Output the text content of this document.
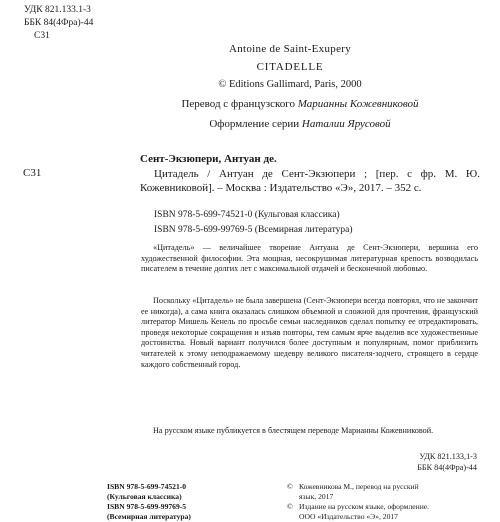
УДК 821.133.1-3
ББК 84(4Фра)-44
С31
Antoine de Saint-Exupery
CITADELLE
© Editions Gallimard, Paris, 2000
Перевод с французского Марианны Кожевниковой
Оформление серии Наталии Ярусовой
С31
Сент-Экзюпери, Антуан де.
Цитадель / Антуан де Сент-Экзюпери ; [пер. с фр. М. Ю. Кожевниковой]. – Москва : Издательство «Э», 2017. – 352 с.
ISBN 978-5-699-74521-0 (Кульговая классика)
ISBN 978-5-699-99769-5 (Всемирная литература)

«Цитадель» — величайшее творение Антуана де Сент-Экзюпери, вершина его художественной философии. Эта мощная, несокрушимая литературная крепость возводилась писателем в течение долгих лет с максимальной отдачей и бесконечной любовью.

Поскольку «Цитадель» не была завершена (Сент-Экзюпери всегда повторял, что не закончит ее никогда), а сама книга оказалась слишком объемной и сложной для прочтения, французский литератор Мишель Кенель по просьбе семьи наследников сделал попытку ее отредактировать, проведя некоторые сокращения и изъяв повторы, тем самым ярче выделив все художественные достоинства. Новый вариант получился более доступным и популярным, помог приблизить читателей к этому неподражаемому шедевру великого писателя-зодчего, строящего в сердце каждого собственный город.

На русском языке публикуется в блестящем переводе Марианны Кожевниковой.

УДК 821.133,1-3
ББК 84(4Фра)-44
ISBN 978-5-699-74521-0
(Кульговая классика)
ISBN 978-5-699-99769-5
(Всемирная литература)
© Кожевникова М., перевод на русский
язык, 2017
© Издание на русском языке, оформление.
ООО «Издательство «Э», 2017
